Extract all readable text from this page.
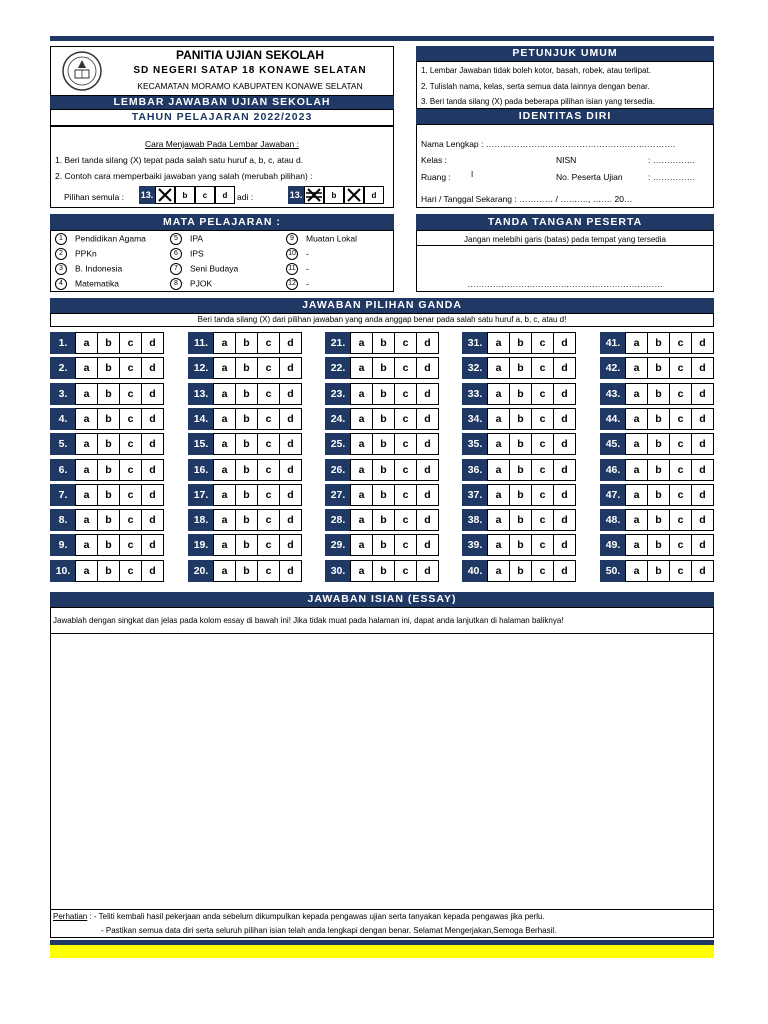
PANITIA UJIAN SEKOLAH
SD NEGERI SATAP 18 KONAWE SELATAN
KECAMATAN MORAMO KABUPATEN KONAWE SELATAN
LEMBAR JAWABAN UJIAN SEKOLAH
TAHUN PELAJARAN 2022/2023
Cara Menjawab Pada Lembar Jawaban :
1. Beri tanda silang (X) tepat pada salah satu huruf a, b, c, atau d.
2. Contoh cara memperbaiki jawaban yang salah (merubah pilihan) :
Pilihan semula : 13.	b	c	d	adi :	13.	b	d
PETUNJUK UMUM
1. Lembar Jawaban tidak boleh kotor, basah, robek, atau terlipat.
2. Tulislah nama, kelas, serta semua data lainnya dengan benar.
3. Beri tanda silang (X) pada beberapa pilihan isian yang tersedia.
IDENTITAS DIRI
Nama Lengkap : ………………………………………………………….
Kelas :	NISN	: ……………
Ruang :	I	No. Peserta Ujian	: ……………
Hari / Tanggal Sekarang : ………… / ………., ……. 20…
MATA PELAJARAN :
1 Pendidikan Agama
2 PPKn
3 B. Indonesia
4 Matematika
5 IPA
6 IPS
7 Seni Budaya
8 PJOK
9 Muatan Lokal
10 -
11 -
12 -
TANDA TANGAN PESERTA
Jangan melebihi garis (batas) pada tempat yang tersedia
……………………………………………………………
JAWABAN PILIHAN GANDA
Beri tanda silang (X) dari pilihan jawaban yang anda anggap benar pada salah satu huruf a, b, c, atau d!
1.	a	b	c	d
2.	a	b	c	d
3.	a	b	c	d
4.	a	b	c	d
5.	a	b	c	d
6.	a	b	c	d
7.	a	b	c	d
8.	a	b	c	d
9.	a	b	c	d
10.	a	b	c	d
11.	a	b	c	d
12.	a	b	c	d
13.	a	b	c	d
14.	a	b	c	d
15.	a	b	c	d
16.	a	b	c	d
17.	a	b	c	d
18.	a	b	c	d
19.	a	b	c	d
20.	a	b	c	d
21.	a	b	c	d
22.	a	b	c	d
23.	a	b	c	d
24.	a	b	c	d
25.	a	b	c	d
26.	a	b	c	d
27.	a	b	c	d
28.	a	b	c	d
29.	a	b	c	d
30.	a	b	c	d
31.	a	b	c	d
32.	a	b	c	d
33.	a	b	c	d
34.	a	b	c	d
35.	a	b	c	d
36.	a	b	c	d
37.	a	b	c	d
38.	a	b	c	d
39.	a	b	c	d
40.	a	b	c	d
41.	a	b	c	d
42.	a	b	c	d
43.	a	b	c	d
44.	a	b	c	d
45.	a	b	c	d
46.	a	b	c	d
47.	a	b	c	d
48.	a	b	c	d
49.	a	b	c	d
50.	a	b	c	d
JAWABAN ISIAN (ESSAY)
Jawablah dengan singkat dan jelas pada kolom essay di bawah ini! Jika tidak muat pada halaman ini, dapat anda lanjutkan di halaman baliknya!
Perhatian : - Teliti kembali hasil pekerjaan anda sebelum dikumpulkan kepada pengawas ujian serta tanyakan kepada pengawas jika perlu.
- Pastikan semua data diri serta seluruh pilihan isian telah anda lengkapi dengan benar. Selamat Mengerjakan,Semoga Berhasil.
